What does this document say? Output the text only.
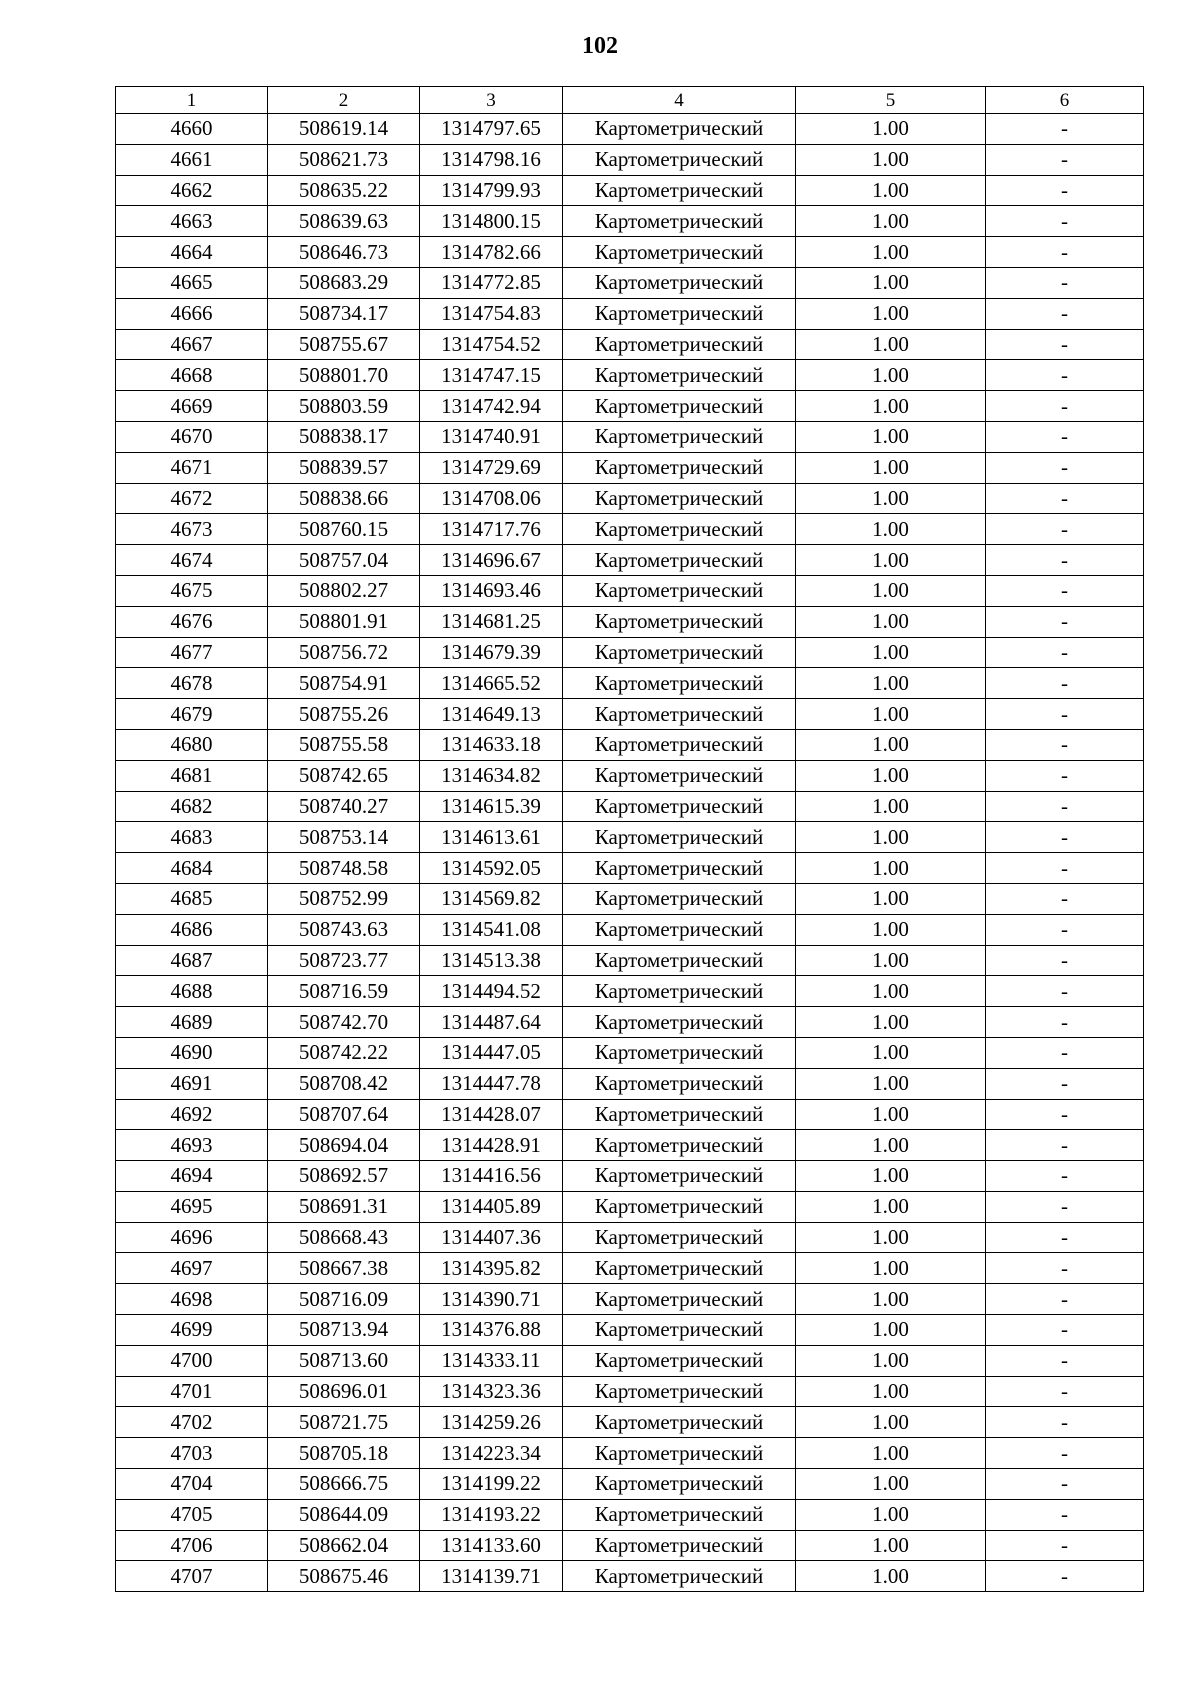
102
1	2	3	4	5	6
4660	508619.14	1314797.65	Картометрический	1.00	-
4661	508621.73	1314798.16	Картометрический	1.00	-
4662	508635.22	1314799.93	Картометрический	1.00	-
4663	508639.63	1314800.15	Картометрический	1.00	-
4664	508646.73	1314782.66	Картометрический	1.00	-
4665	508683.29	1314772.85	Картометрический	1.00	-
4666	508734.17	1314754.83	Картометрический	1.00	-
4667	508755.67	1314754.52	Картометрический	1.00	-
4668	508801.70	1314747.15	Картометрический	1.00	-
4669	508803.59	1314742.94	Картометрический	1.00	-
4670	508838.17	1314740.91	Картометрический	1.00	-
4671	508839.57	1314729.69	Картометрический	1.00	-
4672	508838.66	1314708.06	Картометрический	1.00	-
4673	508760.15	1314717.76	Картометрический	1.00	-
4674	508757.04	1314696.67	Картометрический	1.00	-
4675	508802.27	1314693.46	Картометрический	1.00	-
4676	508801.91	1314681.25	Картометрический	1.00	-
4677	508756.72	1314679.39	Картометрический	1.00	-
4678	508754.91	1314665.52	Картометрический	1.00	-
4679	508755.26	1314649.13	Картометрический	1.00	-
4680	508755.58	1314633.18	Картометрический	1.00	-
4681	508742.65	1314634.82	Картометрический	1.00	-
4682	508740.27	1314615.39	Картометрический	1.00	-
4683	508753.14	1314613.61	Картометрический	1.00	-
4684	508748.58	1314592.05	Картометрический	1.00	-
4685	508752.99	1314569.82	Картометрический	1.00	-
4686	508743.63	1314541.08	Картометрический	1.00	-
4687	508723.77	1314513.38	Картометрический	1.00	-
4688	508716.59	1314494.52	Картометрический	1.00	-
4689	508742.70	1314487.64	Картометрический	1.00	-
4690	508742.22	1314447.05	Картометрический	1.00	-
4691	508708.42	1314447.78	Картометрический	1.00	-
4692	508707.64	1314428.07	Картометрический	1.00	-
4693	508694.04	1314428.91	Картометрический	1.00	-
4694	508692.57	1314416.56	Картометрический	1.00	-
4695	508691.31	1314405.89	Картометрический	1.00	-
4696	508668.43	1314407.36	Картометрический	1.00	-
4697	508667.38	1314395.82	Картометрический	1.00	-
4698	508716.09	1314390.71	Картометрический	1.00	-
4699	508713.94	1314376.88	Картометрический	1.00	-
4700	508713.60	1314333.11	Картометрический	1.00	-
4701	508696.01	1314323.36	Картометрический	1.00	-
4702	508721.75	1314259.26	Картометрический	1.00	-
4703	508705.18	1314223.34	Картометрический	1.00	-
4704	508666.75	1314199.22	Картометрический	1.00	-
4705	508644.09	1314193.22	Картометрический	1.00	-
4706	508662.04	1314133.60	Картометрический	1.00	-
4707	508675.46	1314139.71	Картометрический	1.00	-
